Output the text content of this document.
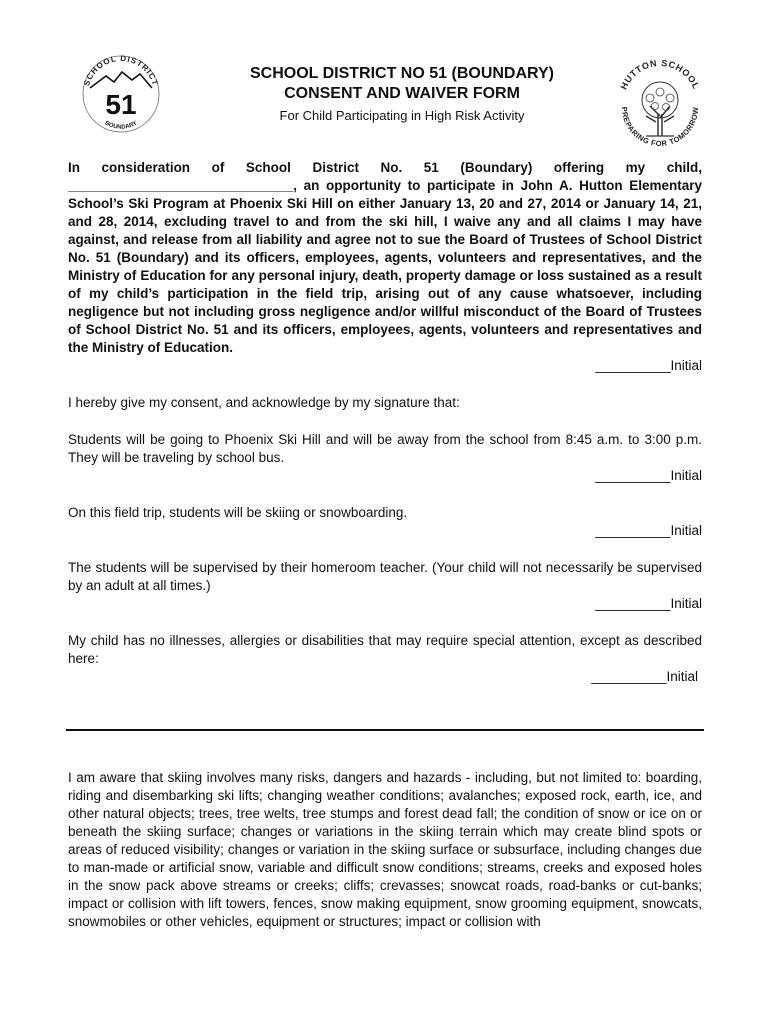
SCHOOL DISTRICT
51
BOUNDARY
SCHOOL DISTRICT NO 51 (BOUNDARY)
CONSENT AND WAIVER FORM
For Child Participating in High Risk Activity
HUTTON SCHOOL
PREPARING FOR TOMORROW

In consideration of School District No. 51 (Boundary) offering my child,

______________________________, an opportunity to participate in John A. Hutton Elementary School’s Ski Program at Phoenix Ski Hill on either January 13, 20 and 27, 2014 or January 14, 21, and 28, 2014, excluding travel to and from the ski hill, I waive any and all claims I may have against, and release from all liability and agree not to sue the Board of Trustees of School District No. 51 (Boundary) and its officers, employees, agents, volunteers and representatives, and the Ministry of Education for any personal injury, death, property damage or loss sustained as a result of my child’s participation in the field trip, arising out of any cause whatsoever, including negligence but not including gross negligence and/or willful misconduct of the Board of Trustees of School District No. 51 and its officers, employees, agents, volunteers and representatives and the Ministry of Education.

__________Initial

I hereby give my consent, and acknowledge by my signature that:

Students will be going to Phoenix Ski Hill and will be away from the school from 8:45 a.m. to 3:00 p.m. They will be traveling by school bus.

__________Initial

On this field trip, students will be skiing or snowboarding.

__________Initial

The students will be supervised by their homeroom teacher. (Your child will not necessarily be supervised by an adult at all times.)

__________Initial

My child has no illnesses, allergies or disabilities that may require special attention, except as described here:

__________Initial

I am aware that skiing involves many risks, dangers and hazards - including, but not limited to: boarding, riding and disembarking ski lifts; changing weather conditions; avalanches; exposed rock, earth, ice, and other natural objects; trees, tree welts, tree stumps and forest dead fall; the condition of snow or ice on or beneath the skiing surface; changes or variations in the skiing terrain which may create blind spots or areas of reduced visibility; changes or variation in the skiing surface or subsurface, including changes due to man-made or artificial snow, variable and difficult snow conditions; streams, creeks and exposed holes in the snow pack above streams or creeks; cliffs; crevasses; snowcat roads, road-banks or cut-banks; impact or collision with lift towers, fences, snow making equipment, snow grooming equipment, snowcats, snowmobiles or other vehicles, equipment or structures; impact or collision with
